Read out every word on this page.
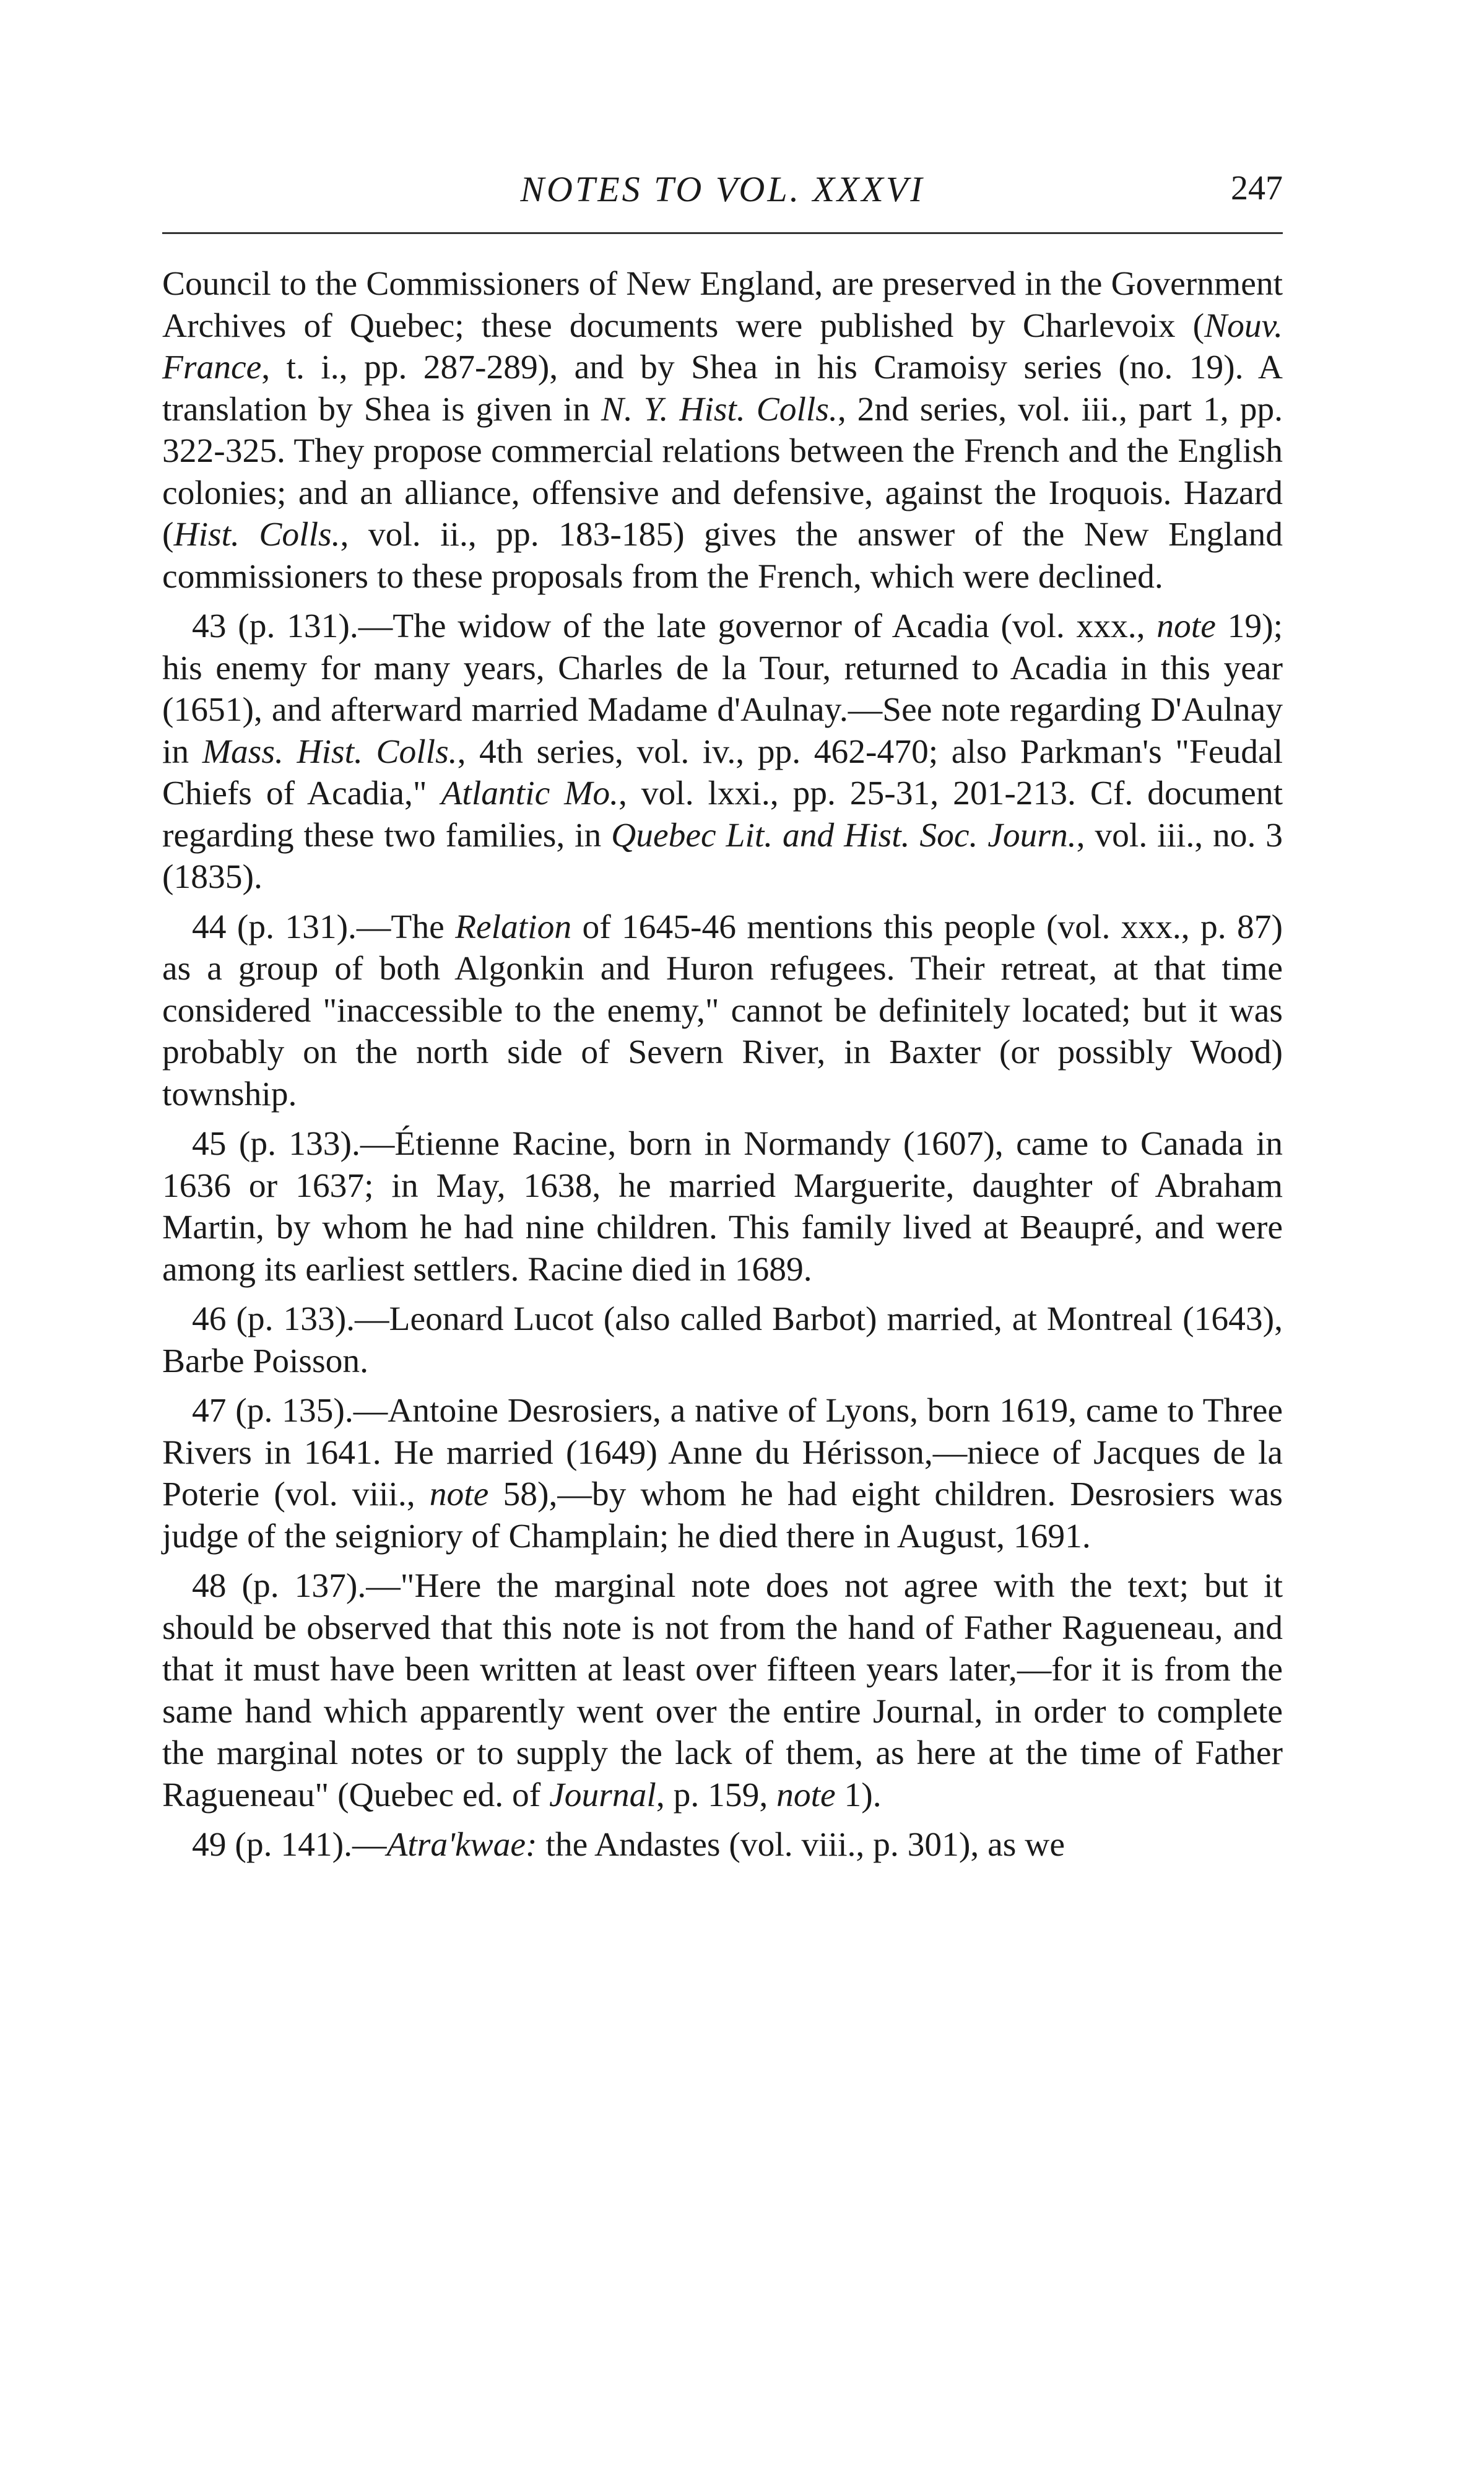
NOTES TO VOL. XXXVI	247

Council to the Commissioners of New England, are preserved in the Government Archives of Quebec; these documents were published by Charlevoix (Nouv. France, t. i., pp. 287-289), and by Shea in his Cramoisy series (no. 19). A translation by Shea is given in N. Y. Hist. Colls., 2nd series, vol. iii., part 1, pp. 322-325. They propose commercial relations between the French and the English colonies; and an alliance, offensive and defensive, against the Iroquois. Hazard (Hist. Colls., vol. ii., pp. 183-185) gives the answer of the New England commissioners to these proposals from the French, which were declined.

43 (p. 131).—The widow of the late governor of Acadia (vol. xxx., note 19); his enemy for many years, Charles de la Tour, returned to Acadia in this year (1651), and afterward married Madame d'Aulnay.—See note regarding D'Aulnay in Mass. Hist. Colls., 4th series, vol. iv., pp. 462-470; also Parkman's "Feudal Chiefs of Acadia," Atlantic Mo., vol. lxxi., pp. 25-31, 201-213. Cf. document regarding these two families, in Quebec Lit. and Hist. Soc. Journ., vol. iii., no. 3 (1835).

44 (p. 131).—The Relation of 1645-46 mentions this people (vol. xxx., p. 87) as a group of both Algonkin and Huron refugees. Their retreat, at that time considered "inaccessible to the enemy," cannot be definitely located; but it was probably on the north side of Severn River, in Baxter (or possibly Wood) township.

45 (p. 133).—Étienne Racine, born in Normandy (1607), came to Canada in 1636 or 1637; in May, 1638, he married Marguerite, daughter of Abraham Martin, by whom he had nine children. This family lived at Beaupré, and were among its earliest settlers. Racine died in 1689.

46 (p. 133).—Leonard Lucot (also called Barbot) married, at Montreal (1643), Barbe Poisson.

47 (p. 135).—Antoine Desrosiers, a native of Lyons, born 1619, came to Three Rivers in 1641. He married (1649) Anne du Hérisson,—niece of Jacques de la Poterie (vol. viii., note 58),—by whom he had eight children. Desrosiers was judge of the seigniory of Champlain; he died there in August, 1691.

48 (p. 137).—"Here the marginal note does not agree with the text; but it should be observed that this note is not from the hand of Father Ragueneau, and that it must have been written at least over fifteen years later,—for it is from the same hand which apparently went over the entire Journal, in order to complete the marginal notes or to supply the lack of them, as here at the time of Father Ragueneau" (Quebec ed. of Journal, p. 159, note 1).

49 (p. 141).—Atra'kwae: the Andastes (vol. viii., p. 301), as we
